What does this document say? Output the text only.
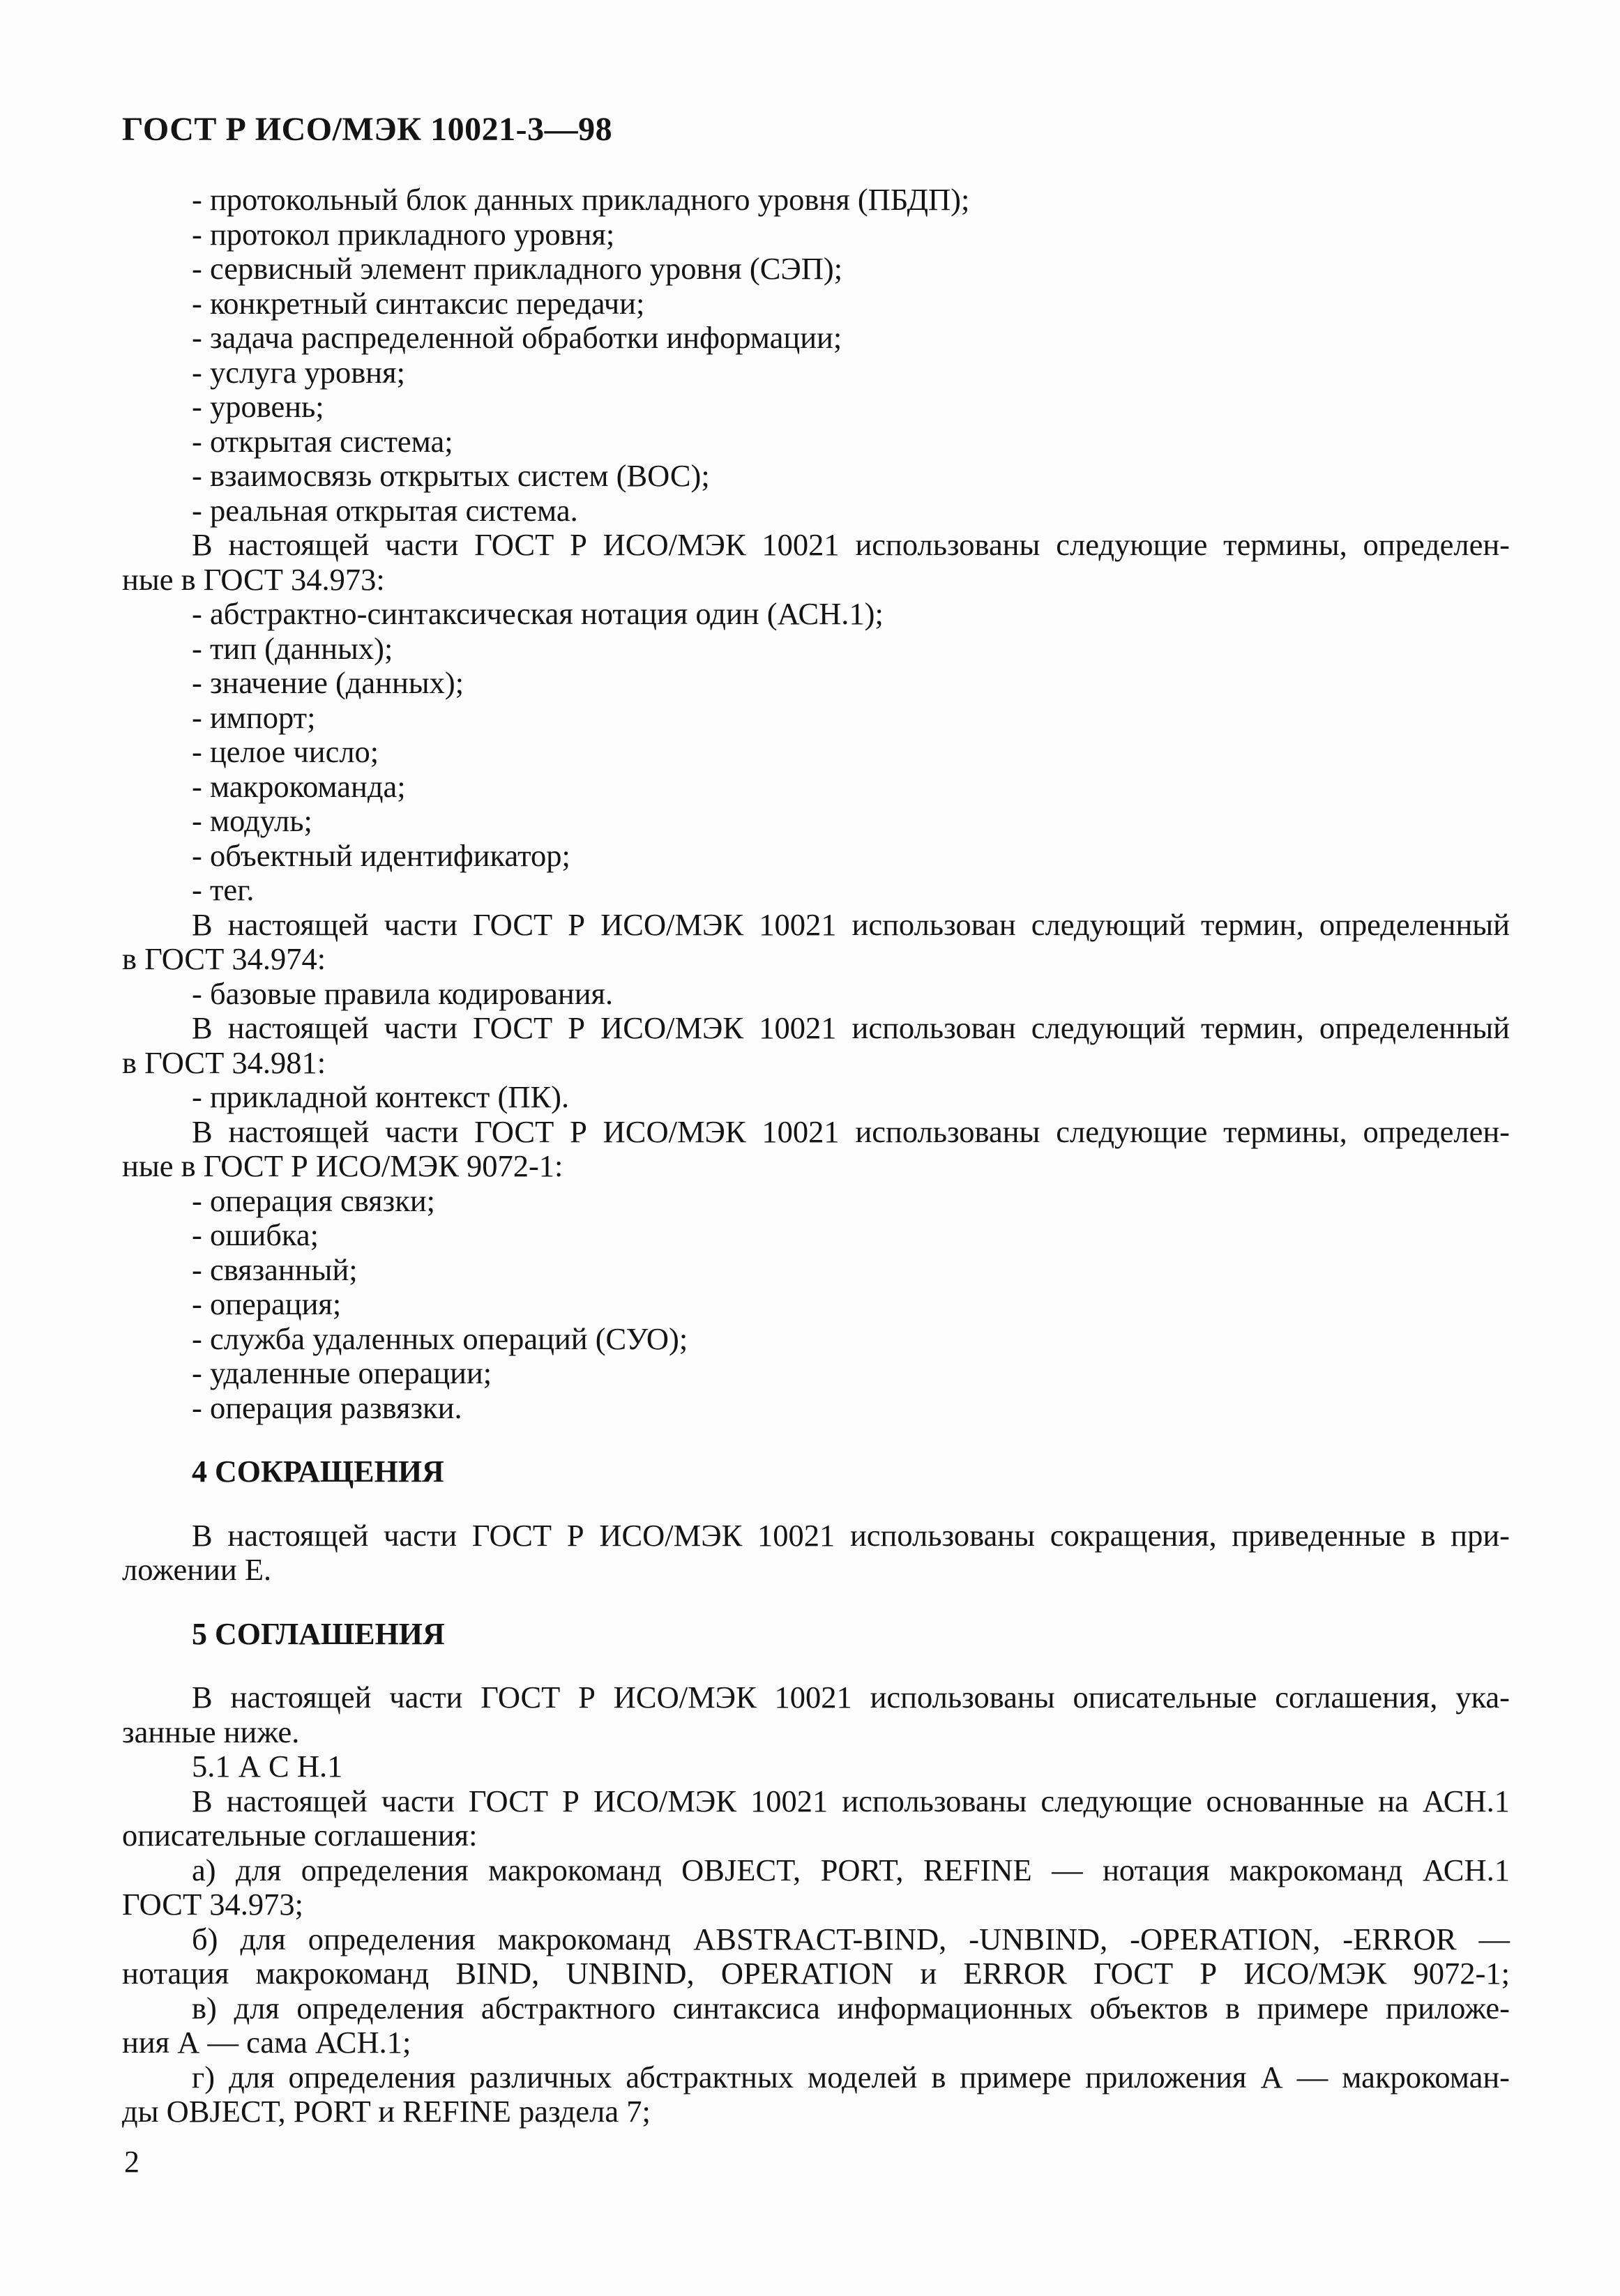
ГОСТ Р ИСО/МЭК 10021-3—98
- протокольный блок данных прикладного уровня (ПБДП);
- протокол прикладного уровня;
- сервисный элемент прикладного уровня (СЭП);
- конкретный синтаксис передачи;
- задача распределенной обработки информации;
- услуга уровня;
- уровень;
- открытая система;
- взаимосвязь открытых систем (ВОС);
- реальная открытая система.
В настоящей части ГОСТ Р ИСО/МЭК 10021 использованы следующие термины, определен-
ные в ГОСТ 34.973:
- абстрактно-синтаксическая нотация один (АСН.1);
- тип (данных);
- значение (данных);
- импорт;
- целое число;
- макрокоманда;
- модуль;
- объектный идентификатор;
- тег.
В настоящей части ГОСТ Р ИСО/МЭК 10021 использован следующий термин, определенный
в ГОСТ 34.974:
- базовые правила кодирования.
В настоящей части ГОСТ Р ИСО/МЭК 10021 использован следующий термин, определенный
в ГОСТ 34.981:
- прикладной контекст (ПК).
В настоящей части ГОСТ Р ИСО/МЭК 10021 использованы следующие термины, определен-
ные в ГОСТ Р ИСО/МЭК 9072-1:
- операция связки;
- ошибка;
- связанный;
- операция;
- служба удаленных операций (СУО);
- удаленные операции;
- операция развязки.
4 СОКРАЩЕНИЯ
В настоящей части ГОСТ Р ИСО/МЭК 10021 использованы сокращения, приведенные в при-
ложении Е.
5 СОГЛАШЕНИЯ
В настоящей части ГОСТ Р ИСО/МЭК 10021 использованы описательные соглашения, ука-
занные ниже.
5.1 А С Н.1
В настоящей части ГОСТ Р ИСО/МЭК 10021 использованы следующие основанные на АСН.1
описательные соглашения:
а) для определения макрокоманд OBJECT, PORT, REFINE — нотация макрокоманд АСН.1
ГОСТ 34.973;
б) для определения макрокоманд ABSTRACT-BIND, -UNBIND, -OPERATION, -ERROR —
нотация макрокоманд BIND, UNBIND, OPERATION и ERROR ГОСТ Р ИСО/МЭК 9072-1;
в) для определения абстрактного синтаксиса информационных объектов в примере приложе-
ния А — сама АСН.1;
г) для определения различных абстрактных моделей в примере приложения А — макрокоман-
ды OBJECT, PORT и REFINE раздела 7;
2
